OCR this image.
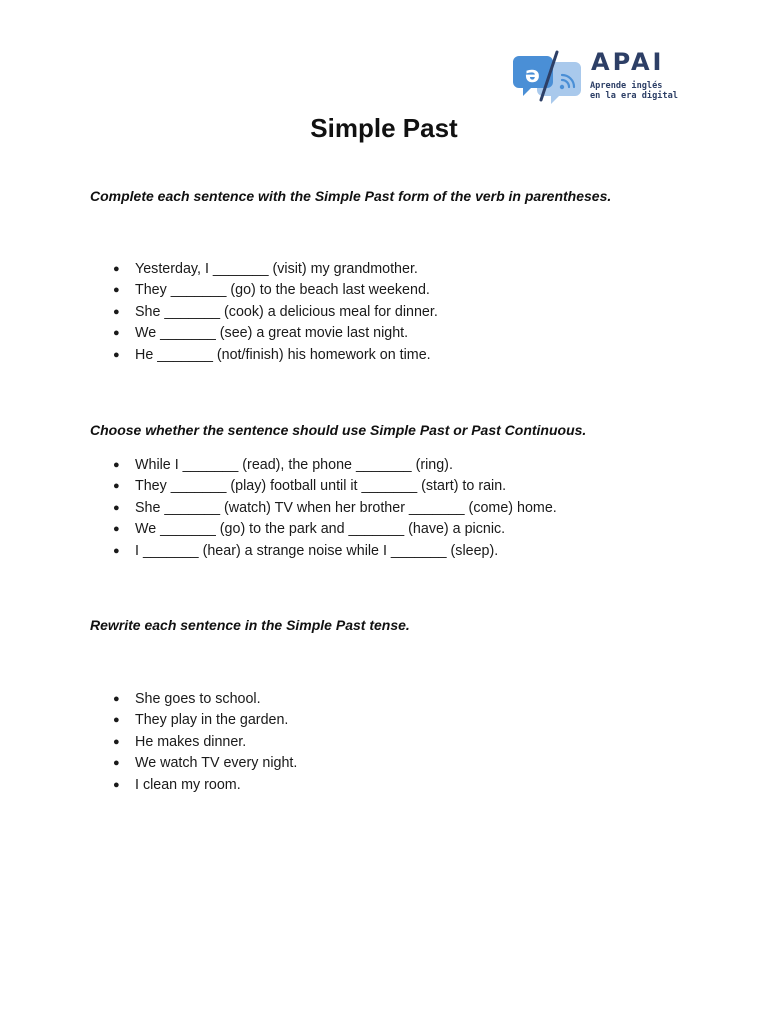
ə APAI
Aprende inglés
en la era digital
Simple Past

Complete each sentence with the Simple Past form of the verb in parentheses.

● Yesterday, I _______ (visit) my grandmother.
● They _______ (go) to the beach last weekend.
● She _______ (cook) a delicious meal for dinner.
● We _______ (see) a great movie last night.
● He _______ (not/finish) his homework on time.

Choose whether the sentence should use Simple Past or Past Continuous.

● While I _______ (read), the phone _______ (ring).
● They _______ (play) football until it _______ (start) to rain.
● She _______ (watch) TV when her brother _______ (come) home.
● We _______ (go) to the park and _______ (have) a picnic.
● I _______ (hear) a strange noise while I _______ (sleep).

Rewrite each sentence in the Simple Past tense.

● She goes to school.
● They play in the garden.
● He makes dinner.
● We watch TV every night.
● I clean my room.
